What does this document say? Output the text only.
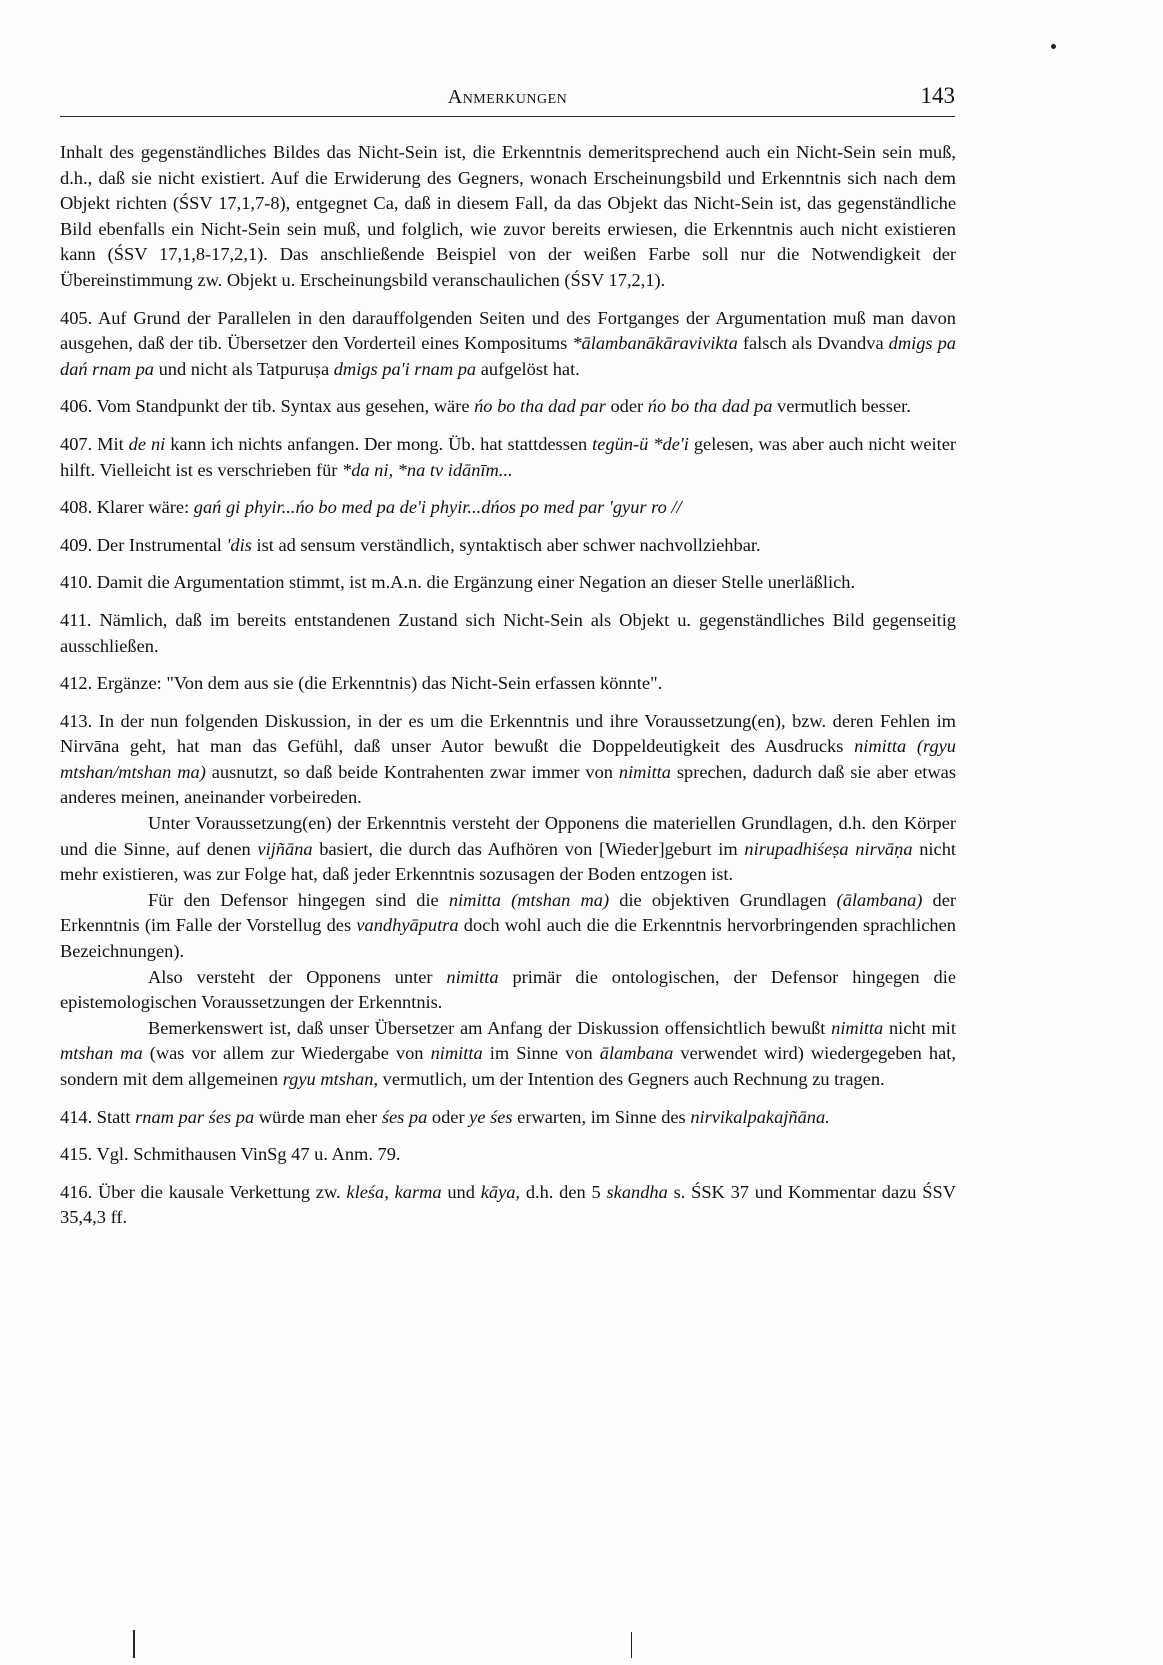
Anmerkungen	143

Inhalt des gegenständliches Bildes das Nicht-Sein ist, die Erkenntnis demeritsprechend auch ein Nicht-Sein sein muß, d.h., daß sie nicht existiert. Auf die Erwiderung des Gegners, wonach Erscheinungsbild und Erkenntnis sich nach dem Objekt richten (ŚSV 17,1,7-8), entgegnet Ca, daß in diesem Fall, da das Objekt das Nicht-Sein ist, das gegenständliche Bild ebenfalls ein Nicht-Sein sein muß, und folglich, wie zuvor bereits erwiesen, die Erkenntnis auch nicht existieren kann (ŚSV 17,1,8-17,2,1). Das anschließende Beispiel von der weißen Farbe soll nur die Notwendigkeit der Übereinstimmung zw. Objekt u. Erscheinungsbild veranschaulichen (ŚSV 17,2,1).

405. Auf Grund der Parallelen in den darauffolgenden Seiten und des Fortganges der Argumentation muß man davon ausgehen, daß der tib. Übersetzer den Vorderteil eines Kompositums *ālambanākāravivikta falsch als Dvandva dmigs pa dań rnam pa und nicht als Tatpuruṣa dmigs pa'i rnam pa aufgelöst hat.

406. Vom Standpunkt der tib. Syntax aus gesehen, wäre ńo bo tha dad par oder ńo bo tha dad pa vermutlich besser.

407. Mit de ni kann ich nichts anfangen. Der mong. Üb. hat stattdessen tegün-ü *de'i gelesen, was aber auch nicht weiter hilft. Vielleicht ist es verschrieben für *da ni, *na tv idānīm...

408. Klarer wäre: gań gi phyir...ńo bo med pa de'i phyir...dńos po med par 'gyur ro //

409. Der Instrumental 'dis ist ad sensum verständlich, syntaktisch aber schwer nachvollziehbar.

410. Damit die Argumentation stimmt, ist m.A.n. die Ergänzung einer Negation an dieser Stelle unerläßlich.

411. Nämlich, daß im bereits entstandenen Zustand sich Nicht-Sein als Objekt u. gegenständliches Bild gegenseitig ausschließen.

412. Ergänze: "Von dem aus sie (die Erkenntnis) das Nicht-Sein erfassen könnte".

413. In der nun folgenden Diskussion, in der es um die Erkenntnis und ihre Voraussetzung(en), bzw. deren Fehlen im Nirvāna geht, hat man das Gefühl, daß unser Autor bewußt die Doppeldeutigkeit des Ausdrucks nimitta (rgyu mtshan/mtshan ma) ausnutzt, so daß beide Kontrahenten zwar immer von nimitta sprechen, dadurch daß sie aber etwas anderes meinen, aneinander vorbeireden.

Unter Voraussetzung(en) der Erkenntnis versteht der Opponens die materiellen Grundlagen, d.h. den Körper und die Sinne, auf denen vijñāna basiert, die durch das Aufhören von [Wieder]geburt im nirupadhiśeṣa nirvāṇa nicht mehr existieren, was zur Folge hat, daß jeder Erkenntnis sozusagen der Boden entzogen ist.

Für den Defensor hingegen sind die nimitta (mtshan ma) die objektiven Grundlagen (ālambana) der Erkenntnis (im Falle der Vorstellug des vandhyāputra doch wohl auch die die Erkenntnis hervorbringenden sprachlichen Bezeichnungen).

Also versteht der Opponens unter nimitta primär die ontologischen, der Defensor hingegen die epistemologischen Voraussetzungen der Erkenntnis.

Bemerkenswert ist, daß unser Übersetzer am Anfang der Diskussion offensichtlich bewußt nimitta nicht mit mtshan ma (was vor allem zur Wiedergabe von nimitta im Sinne von ālambana verwendet wird) wiedergegeben hat, sondern mit dem allgemeinen rgyu mtshan, vermutlich, um der Intention des Gegners auch Rechnung zu tragen.

414. Statt rnam par śes pa würde man eher śes pa oder ye śes erwarten, im Sinne des nirvikalpakajñāna.

415. Vgl. Schmithausen VinSg 47 u. Anm. 79.

416. Über die kausale Verkettung zw. kleśa, karma und kāya, d.h. den 5 skandha s. ŚSK 37 und Kommentar dazu ŚSV 35,4,3 ff.
